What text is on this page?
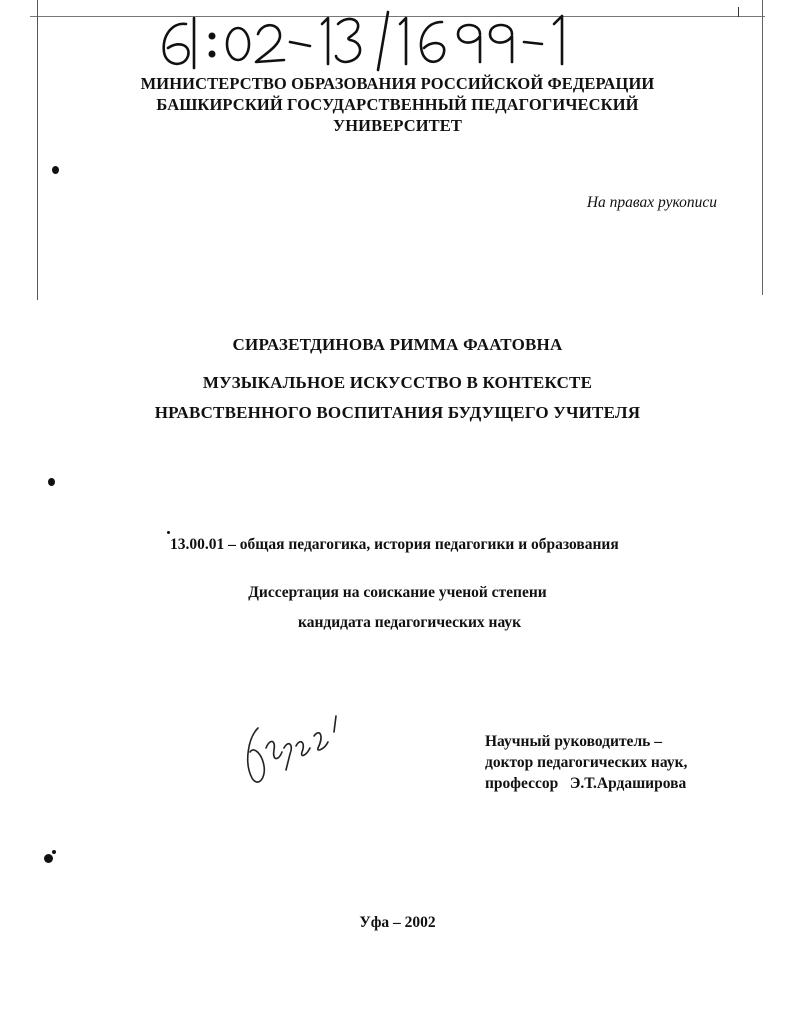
МИНИСТЕРСТВО ОБРАЗОВАНИЯ РОССИЙСКОЙ ФЕДЕРАЦИИ
БАШКИРСКИЙ ГОСУДАРСТВЕННЫЙ ПЕДАГОГИЧЕСКИЙ
УНИВЕРСИТЕТ
На правах рукописи
СИРАЗЕТДИНОВА РИММА ФААТОВНА
МУЗЫКАЛЬНОЕ ИСКУССТВО В КОНТЕКСТЕ
НРАВСТВЕННОГО ВОСПИТАНИЯ БУДУЩЕГО УЧИТЕЛЯ
13.00.01 – общая педагогика, история педагогики и образования
Диссертация на соискание ученой степени
кандидата педагогических наук
Научный руководитель –
доктор педагогических наук,
профессор   Э.Т.Ардаширова
Уфа – 2002
